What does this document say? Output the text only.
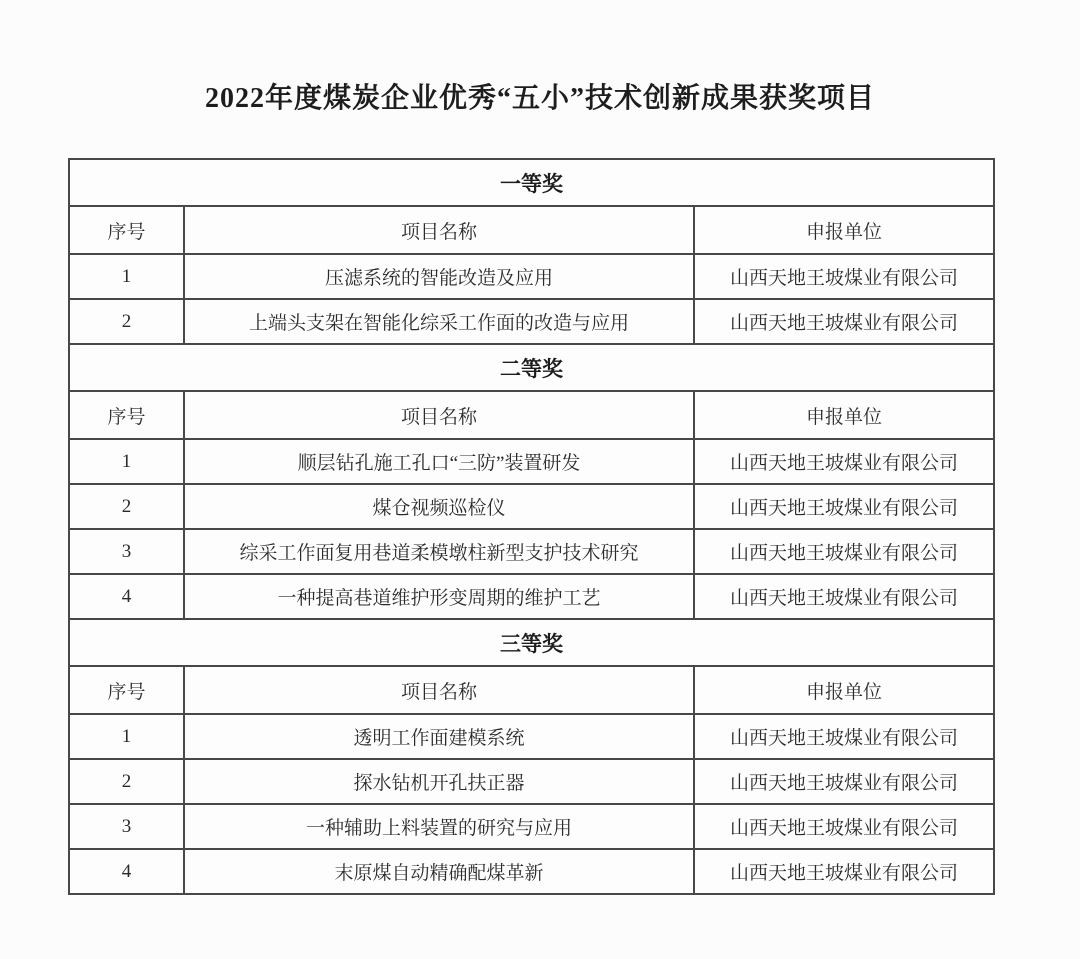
2022年度煤炭企业优秀“五小”技术创新成果获奖项目
一等奖		
序号	项目名称	申报单位
1	压滤系统的智能改造及应用	山西天地王坡煤业有限公司
2	上端头支架在智能化综采工作面的改造与应用	山西天地王坡煤业有限公司
二等奖		
序号	项目名称	申报单位
1	顺层钻孔施工孔口“三防”装置研发	山西天地王坡煤业有限公司
2	煤仓视频巡检仪	山西天地王坡煤业有限公司
3	综采工作面复用巷道柔模墩柱新型支护技术研究	山西天地王坡煤业有限公司
4	一种提高巷道维护形变周期的维护工艺	山西天地王坡煤业有限公司
三等奖		
序号	项目名称	申报单位
1	透明工作面建模系统	山西天地王坡煤业有限公司
2	探水钻机开孔扶正器	山西天地王坡煤业有限公司
3	一种辅助上料装置的研究与应用	山西天地王坡煤业有限公司
4	末原煤自动精确配煤革新	山西天地王坡煤业有限公司
